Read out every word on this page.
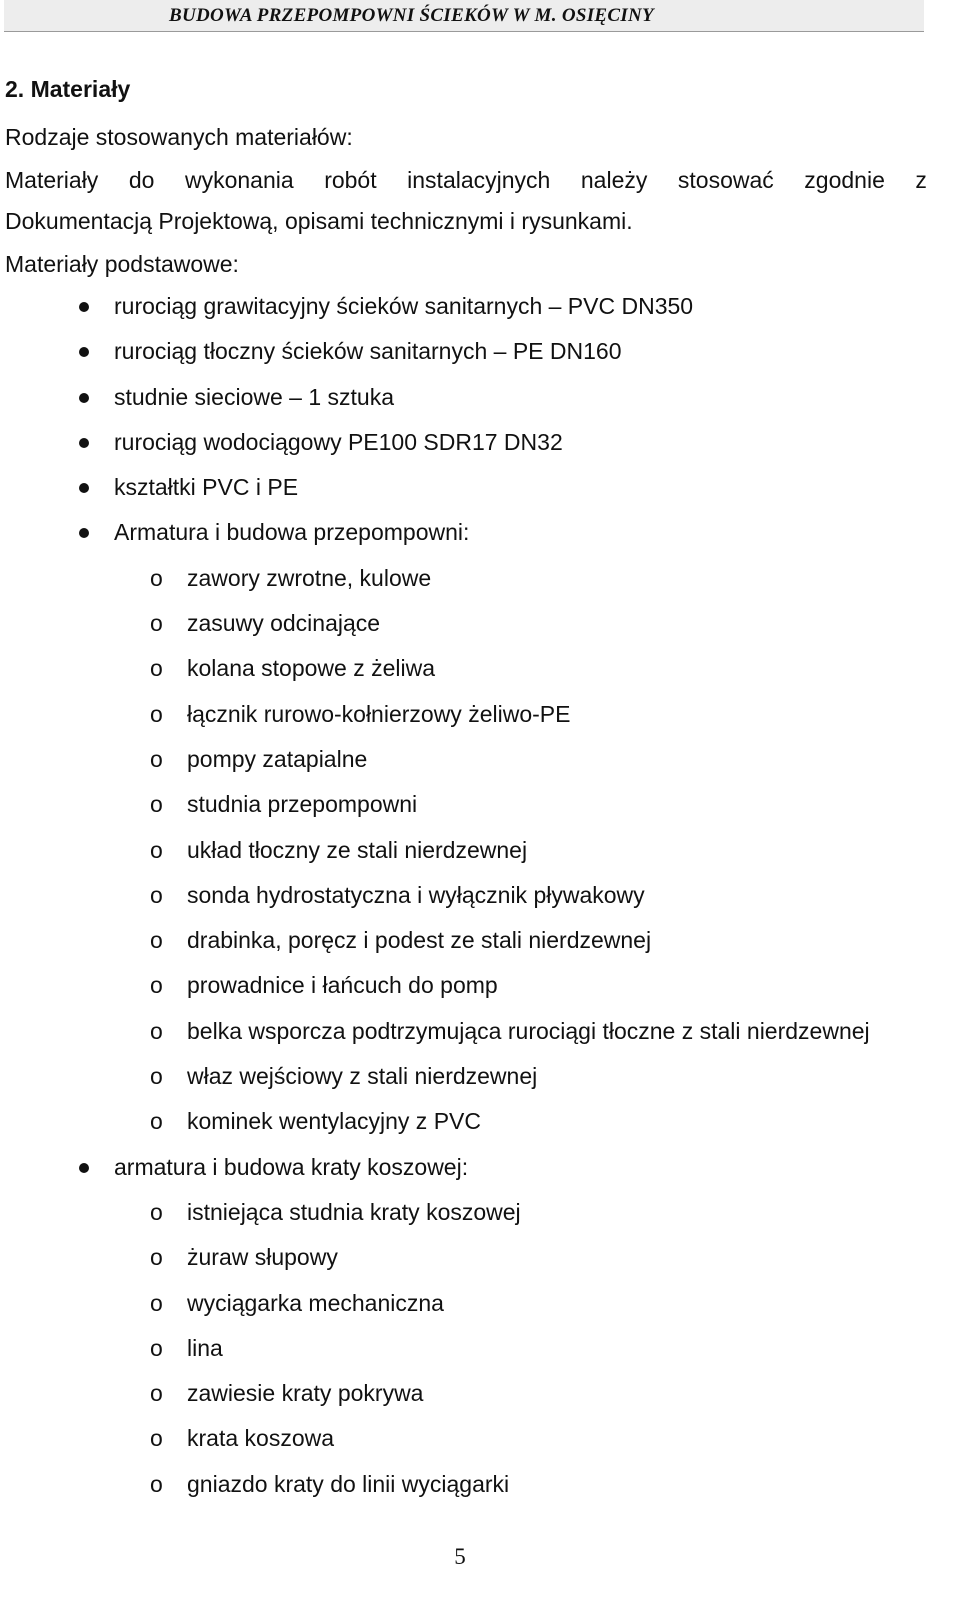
BUDOWA PRZEPOMPOWNI ŚCIEKÓW W M. OSIĘCINY
2. Materiały
Rodzaje stosowanych materiałów:
Materiały do wykonania robót instalacyjnych należy stosować zgodnie z
Dokumentacją Projektową, opisami technicznymi i rysunkami.
Materiały podstawowe:
rurociąg grawitacyjny ścieków sanitarnych – PVC DN350
rurociąg tłoczny ścieków sanitarnych – PE DN160
studnie sieciowe – 1 sztuka
rurociąg wodociągowy PE100 SDR17 DN32
kształtki PVC i PE
Armatura i budowa przepompowni:
o zawory zwrotne, kulowe
o zasuwy odcinające
o kolana stopowe z żeliwa
o łącznik rurowo-kołnierzowy żeliwo-PE
o pompy zatapialne
o studnia przepompowni
o układ tłoczny ze stali nierdzewnej
o sonda hydrostatyczna i wyłącznik pływakowy
o drabinka, poręcz i podest ze stali nierdzewnej
o prowadnice i łańcuch do pomp
o belka wsporcza podtrzymująca rurociągi tłoczne z stali nierdzewnej
o właz wejściowy z stali nierdzewnej
o kominek wentylacyjny z PVC
armatura i budowa kraty koszowej:
o istniejąca studnia kraty koszowej
o żuraw słupowy
o wyciągarka mechaniczna
o lina
o zawiesie kraty pokrywa
o krata koszowa
o gniazdo kraty do linii wyciągarki
5
